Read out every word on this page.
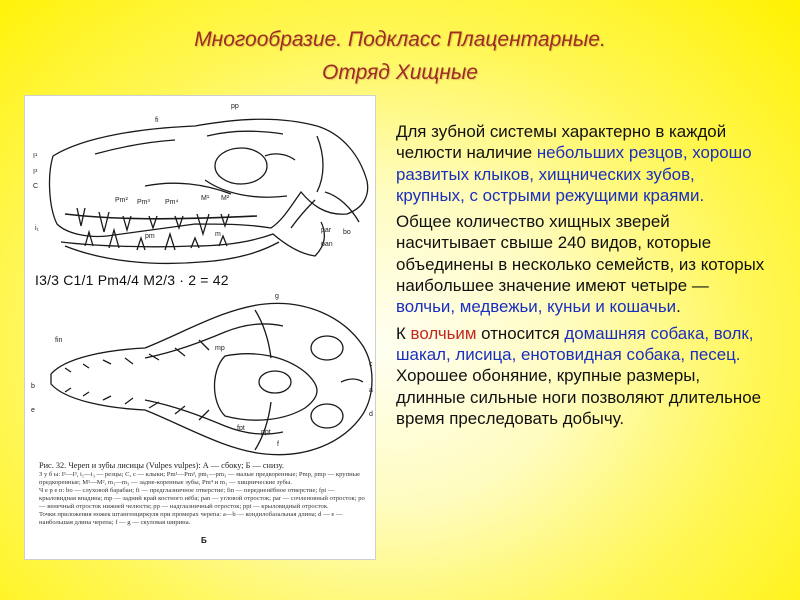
Многообразие. Подкласс Плацентарные.
Отряд Хищные
pp
fi
I¹
I³
C
Pm² Pm³ Pm⁴
M¹ M²
par bo
pan
i₁
pm	m
fin
g
a
b
c
d
e
f
fpt
ppt
mp
I3/3 C1/1 Pm4/4 M2/3 · 2 = 42
Б
Рис. 32. Череп и зубы лисицы (Vulpes vulpes): А — сбоку; Б — снизу.
З у б ы: I¹—I³, i₁—i₃ — резцы; C, c — клыки; Pm¹—Pm³, pm₁—pm₃ — малые предкоренные; Pmp, pmp — крупные предкоренные; M¹—M², m₁—m₃ — задне-коренные зубы, Pm⁴ и m₁ — хищнические зубы.
Ч е р е п: bo — слуховой барабан; fi — предглазничное отверстие; fin — передненёбное отверстие; fpt — крыловидная впадина; mp — задний край костного нёба; pan — угловой отросток; par — сочленовный отросток; po — венечный отросток нижней челюсти; pp — надглазничный отросток; ppt — крыловидный отросток.
Точки приложения ножек штангенциркуля при промерах черепа: a—b — кондилобазальная длина; d — e — наибольшая длина черепа; f — g — скуловая ширина.

Для зубной системы характерно в каждой челюсти наличие небольших резцов, хорошо развитых клыков, хищнических зубов, крупных, с острыми режущими краями.

Общее количество хищных зверей насчитывает свыше 240 видов, которые объединены в несколько семейств, из которых наибольшее значение имеют четыре — волчьи, медвежьи, куньи и кошачьи.

К волчьим относится домашняя собака, волк, шакал, лисица, енотовидная собака, песец. Хорошее обоняние, крупные размеры, длинные сильные ноги позволяют длительное время преследовать добычу.
